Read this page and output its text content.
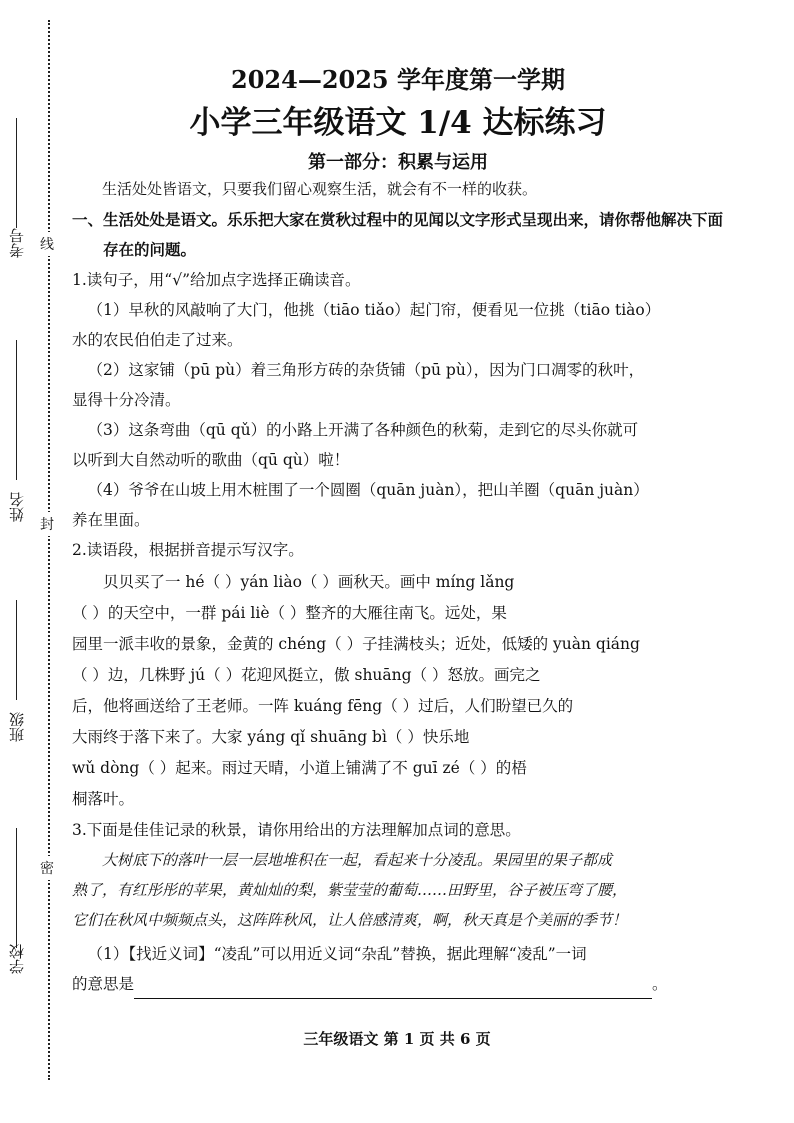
考号
姓名
班级
学校
线
封
密
2024—2025 学年度第一学期
小学三年级语文 1/4 达标练习
第一部分：积累与运用
生活处处皆语文，只要我们留心观察生活，就会有不一样的收获。

一、生活处处是语文。乐乐把大家在赏秋过程中的见闻以文字形式呈现出来，请你帮他解决下面存在的问题。

1.读句子，用“√”给加点字选择正确读音。

（1）早秋的风敲响了大门，他挑（tiāo tiǎo）起门帘，便看见一位挑（tiāo tiào）

水的农民伯伯走了过来。

（2）这家铺（pū pù）着三角形方砖的杂货铺（pū pù），因为门口凋零的秋叶，

显得十分冷清。

（3）这条弯曲（qū qǔ）的小路上开满了各种颜色的秋菊，走到它的尽头你就可

以听到大自然动听的歌曲（qū qù）啦！

（4）爷爷在山坡上用木桩围了一个圆圈（quān juàn），把山羊圈（quān juàn）

养在里面。

2.读语段，根据拼音提示写汉字。

贝贝买了一 hé（ ）yán liào（ ）画秋天。画中 míng lǎng

（ ）的天空中，一群 pái liè（ ）整齐的大雁往南飞。远处，果

园里一派丰收的景象，金黄的 chéng（ ）子挂满枝头；近处，低矮的 yuàn qiáng

（ ）边，几株野 jú（ ）花迎风挺立，傲 shuāng（ ）怒放。画完之

后，他将画送给了王老师。一阵 kuáng fēng（ ）过后，人们盼望已久的

大雨终于落下来了。大家 yáng qǐ shuāng bì（ ）快乐地

wǔ dòng（ ）起来。雨过天晴，小道上铺满了不 guī zé（ ）的梧

桐落叶。

3.下面是佳佳记录的秋景，请你用给出的方法理解加点词的意思。

大树底下的落叶一层一层地堆积在一起，看起来十分凌乱。果园里的果子都成

熟了，有红彤彤的苹果，黄灿灿的梨，紫莹莹的葡萄……田野里，谷子被压弯了腰，

它们在秋风中频频点头，这阵阵秋风，让人倍感清爽，啊，秋天真是个美丽的季节！

（1）【找近义词】“凌乱”可以用近义词“杂乱”替换，据此理解“凌乱”一词

的意思是	。

三年级语文 第 1 页 共 6 页
